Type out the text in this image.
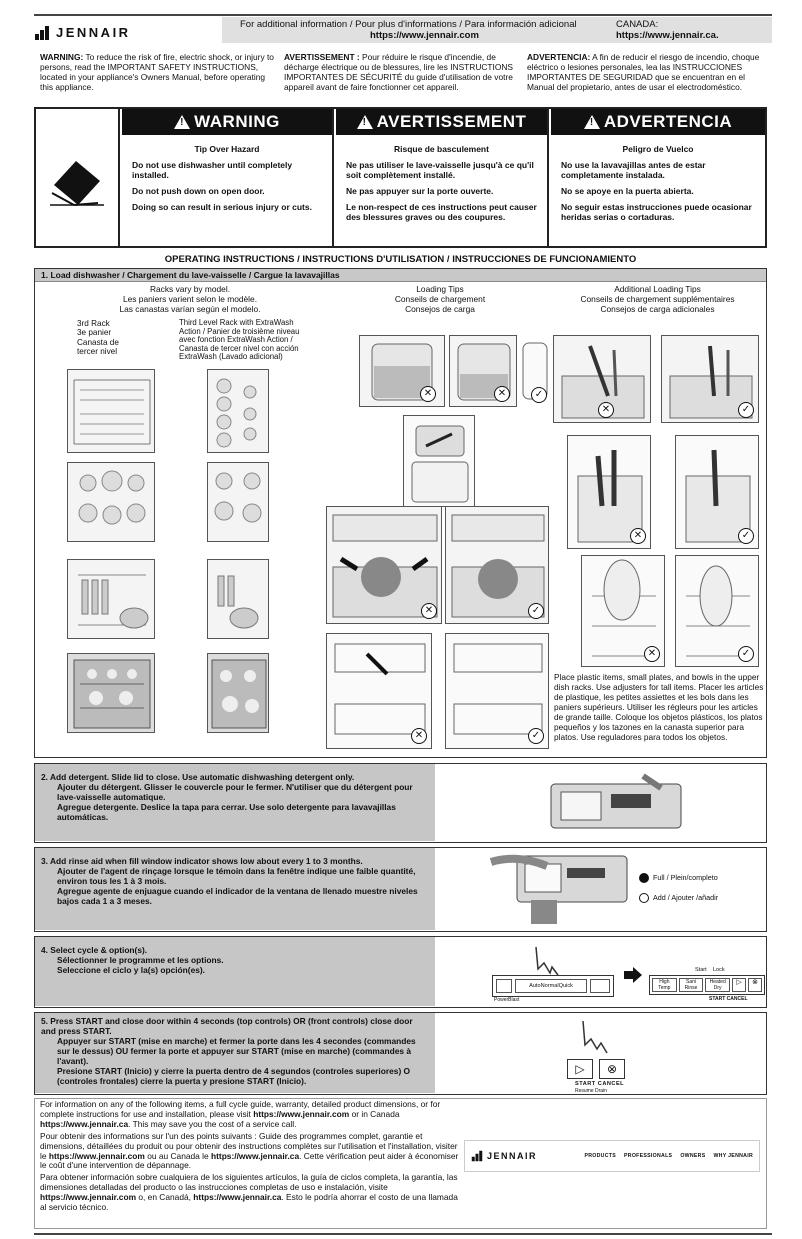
JENNAIR
For additional information / Pour plus d'informations / Para información adicional
https://www.jennair.com
CANADA:
https://www.jennair.ca.
WARNING: To reduce the risk of fire, electric shock, or injury to persons, read the IMPORTANT SAFETY INSTRUCTIONS, located in your appliance's Owners Manual, before operating this appliance.
AVERTISSEMENT : Pour réduire le risque d'incendie, de décharge électrique ou de blessures, lire les INSTRUCTIONS IMPORTANTES DE SÉCURITÉ du guide d'utilisation de votre appareil avant de faire fonctionner cet appareil.
ADVERTENCIA: A fin de reducir el riesgo de incendio, choque eléctrico o lesiones personales, lea las INSTRUCCIONES IMPORTANTES DE SEGURIDAD que se encuentran en el Manual del propietario, antes de usar el electrodoméstico.
!
WARNING
Tip Over Hazard
Do not use dishwasher until completely installed.
Do not push down on open door.
Doing so can result in serious injury or cuts.
!
AVERTISSEMENT
Risque de basculement
Ne pas utiliser le lave-vaisselle jusqu'à ce qu'il soit complètement installé.
Ne pas appuyer sur la porte ouverte.
Le non-respect de ces instructions peut causer des blessures graves ou des coupures.
!
ADVERTENCIA
Peligro de Vuelco
No use la lavavajillas antes de estar completamente instalada.
No se apoye en la puerta abierta.
No seguir estas instrucciones puede ocasionar heridas serias o cortaduras.
OPERATING INSTRUCTIONS / INSTRUCTIONS D'UTILISATION / INSTRUCCIONES DE FUNCIONAMIENTO
1. Load dishwasher / Chargement du lave-vaisselle / Cargue la lavavajillas
Racks vary by model.
Les paniers varient selon le modèle.
Las canastas varían según el modelo.
3rd Rack
3e panier
Canasta de
tercer nivel
Third Level Rack with ExtraWash Action / Panier de troisième niveau avec fonction ExtraWash Action / Canasta de tercer nivel con acción ExtraWash (Lavado adicional)
Loading Tips
Conseils de chargement
Consejos de carga
Additional Loading Tips
Conseils de chargement supplémentaires
Consejos de carga adicionales
✕	✕	✓
✕	✓
✕	✓
✕	✓
✕	✓
✕	✓
Place plastic items, small plates, and bowls in the upper dish racks. Use adjusters for tall items. Placer les articles de plastique, les petites assiettes et les bols dans les paniers supérieurs. Utiliser les régleurs pour les articles de grande taille. Coloque los objetos plásticos, los platos pequeños y los tazones en la canasta superior para platos. Use reguladores para todos los objetos.
2. Add detergent. Slide lid to close. Use automatic dishwashing detergent only.
Ajouter du détergent. Glisser le couvercle pour le fermer. N'utiliser que du détergent pour lave-vaisselle automatique.
Agregue detergente. Deslice la tapa para cerrar. Use solo detergente para lavavajillas automáticas.
3. Add rinse aid when fill window indicator shows low about every 1 to 3 months.
Ajouter de l'agent de rinçage lorsque le témoin dans la fenêtre indique une faible quantité, environ tous les 1 à 3 mois.
Agregue agente de enjuague cuando el indicador de la ventana de llenado muestre niveles bajos cada 1 a 3 meses.
Full / Plein/completo
Add / Ajouter /añadir
4. Select cycle & option(s).
Sélectionner le programme et les options.
Seleccione el ciclo y la(s) opción(es).
AutoNormalQuick
PowerBlast
Start Lock
High Temp
Sani Rinse
Heated Dry
▷	⊗
START CANCEL
5. Press START and close door within 4 seconds (top controls) OR (front controls) close door and press START.
Appuyer sur START (mise en marche) et fermer la porte dans les 4 secondes (commandes sur le dessus) OU fermer la porte et appuyer sur START (mise en marche) (commandes à l'avant).
Presione START (Inicio) y cierre la puerta dentro de 4 segundos (controles superiores) O (controles frontales) cierre la puerta y presione START (Inicio).
▷	⊗
START CANCEL
Resume Drain
For information on any of the following items, a full cycle guide, warranty, detailed product dimensions, or for complete instructions for use and installation, please visit https://www.jennair.com or in Canada https://www.jennair.ca. This may save you the cost of a service call.
Pour obtenir des informations sur l'un des points suivants : Guide des programmes complet, garantie et dimensions, détaillées du produit ou pour obtenir des instructions complètes sur l'utilisation et l'installation, visiter le https://www.jennair.com ou au Canada le https://www.jennair.ca. Cette vérification peut aider à économiser le coût d'une intervention de dépannage.
Para obtener información sobre cualquiera de los siguientes artículos, la guía de ciclos completa, la garantía, las dimensiones detalladas del producto o las instrucciones completas de uso e instalación, visite https://www.jennair.com o, en Canadá, https://www.jennair.ca. Esto le podría ahorrar el costo de una llamada al servicio técnico.
JENNAIR	PRODUCTS PROFESSIONALS OWNERS WHY JENNAIR
